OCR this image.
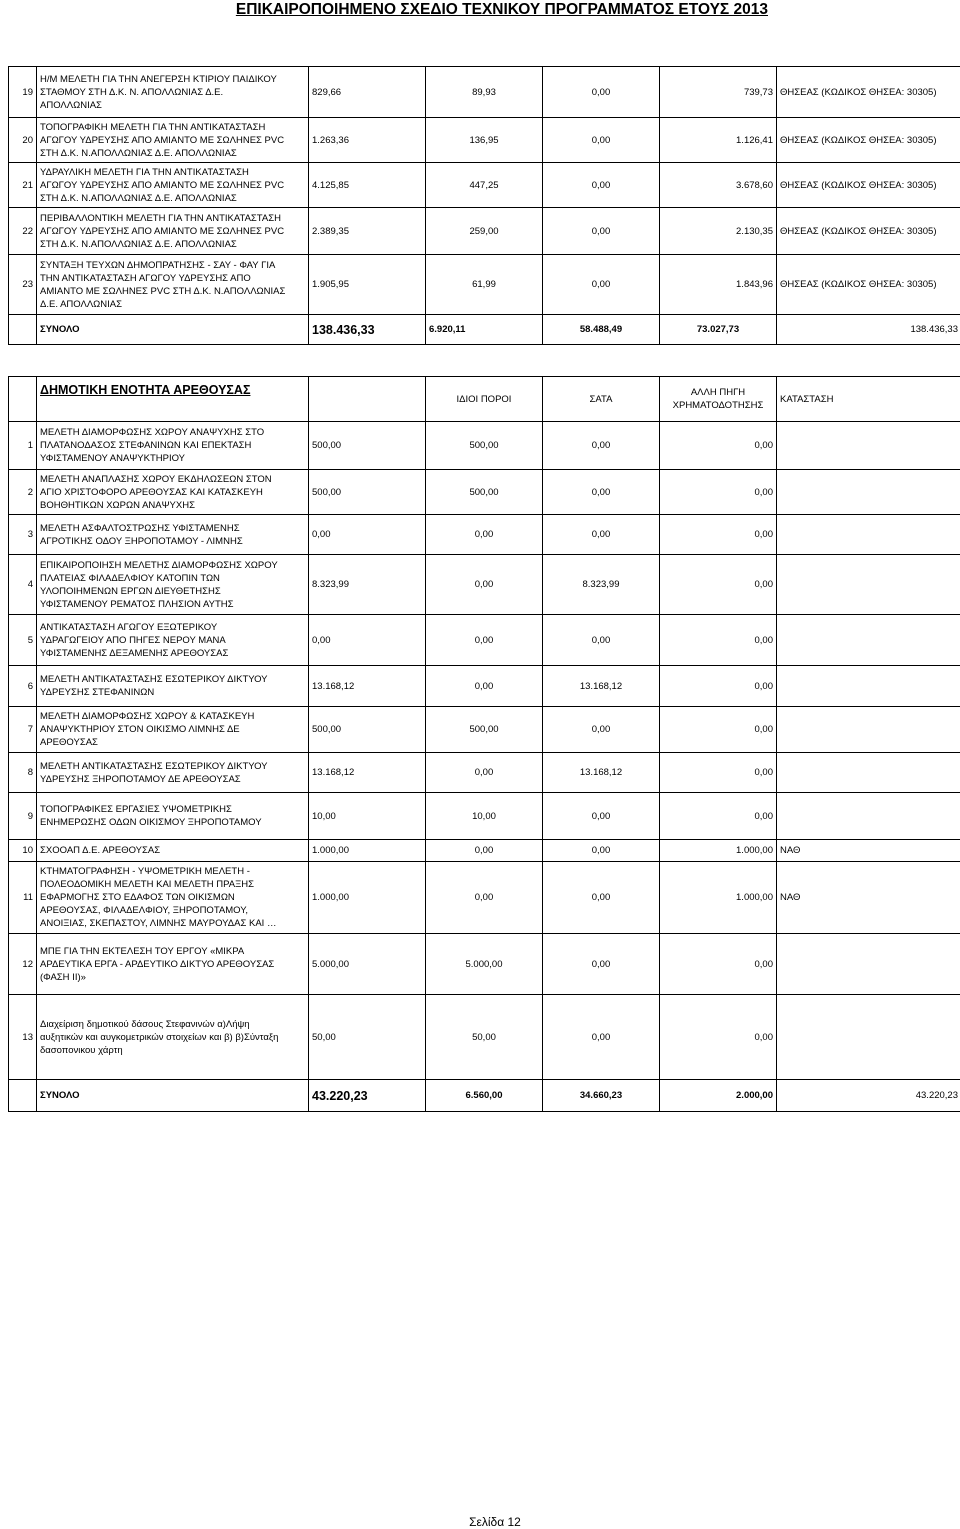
ΕΠΙΚΑΙΡΟΠΟΙΗΜΕΝΟ ΣΧΕΔΙΟ ΤΕΧΝΙΚΟΥ ΠΡΟΓΡΑΜΜΑΤΟΣ ΕΤΟΥΣ 2013
19	Η/Μ ΜΕΛΕΤΗ ΓΙΑ ΤΗΝ ΑΝΕΓΕΡΣΗ ΚΤΙΡΙΟΥ ΠΑΙΔΙΚΟΥ
ΣΤΑΘΜΟΥ ΣΤΗ Δ.Κ. Ν. ΑΠΟΛΛΩΝΙΑΣ Δ.Ε.
ΑΠΟΛΛΩΝΙΑΣ	829,66	89,93	0,00	739,73	ΘΗΣΕΑΣ (ΚΩΔΙΚΟΣ ΘΗΣΕΑ: 30305)
20	ΤΟΠΟΓΡΑΦΙΚΗ ΜΕΛΕΤΗ ΓΙΑ ΤΗΝ ΑΝΤΙΚΑΤΑΣΤΑΣΗ
ΑΓΩΓΟΥ ΥΔΡΕΥΣΗΣ ΑΠΟ ΑΜΙΑΝΤΟ ΜΕ ΣΩΛΗΝΕΣ PVC
ΣΤΗ Δ.Κ. Ν.ΑΠΟΛΛΩΝΙΑΣ Δ.Ε. ΑΠΟΛΛΩΝΙΑΣ	1.263,36	136,95	0,00	1.126,41	ΘΗΣΕΑΣ (ΚΩΔΙΚΟΣ ΘΗΣΕΑ: 30305)
21	ΥΔΡΑΥΛΙΚΗ ΜΕΛΕΤΗ ΓΙΑ ΤΗΝ ΑΝΤΙΚΑΤΑΣΤΑΣΗ
ΑΓΩΓΟΥ ΥΔΡΕΥΣΗΣ ΑΠΟ ΑΜΙΑΝΤΟ ΜΕ ΣΩΛΗΝΕΣ PVC
ΣΤΗ Δ.Κ. Ν.ΑΠΟΛΛΩΝΙΑΣ Δ.Ε. ΑΠΟΛΛΩΝΙΑΣ	4.125,85	447,25	0,00	3.678,60	ΘΗΣΕΑΣ (ΚΩΔΙΚΟΣ ΘΗΣΕΑ: 30305)
22	ΠΕΡΙΒΑΛΛΟΝΤΙΚΗ ΜΕΛΕΤΗ ΓΙΑ ΤΗΝ ΑΝΤΙΚΑΤΑΣΤΑΣΗ
ΑΓΩΓΟΥ ΥΔΡΕΥΣΗΣ ΑΠΟ ΑΜΙΑΝΤΟ ΜΕ ΣΩΛΗΝΕΣ PVC
ΣΤΗ Δ.Κ. Ν.ΑΠΟΛΛΩΝΙΑΣ Δ.Ε. ΑΠΟΛΛΩΝΙΑΣ	2.389,35	259,00	0,00	2.130,35	ΘΗΣΕΑΣ (ΚΩΔΙΚΟΣ ΘΗΣΕΑ: 30305)
23	ΣΥΝΤΑΞΗ ΤΕΥΧΩΝ ΔΗΜΟΠΡΑΤΗΣΗΣ - ΣΑΥ - ΦΑΥ ΓΙΑ
ΤΗΝ ΑΝΤΙΚΑΤΑΣΤΑΣΗ ΑΓΩΓΟΥ ΥΔΡΕΥΣΗΣ ΑΠΟ
ΑΜΙΑΝΤΟ ΜΕ ΣΩΛΗΝΕΣ PVC ΣΤΗ Δ.Κ. Ν.ΑΠΟΛΛΩΝΙΑΣ
Δ.Ε. ΑΠΟΛΛΩΝΙΑΣ	1.905,95	61,99	0,00	1.843,96	ΘΗΣΕΑΣ (ΚΩΔΙΚΟΣ ΘΗΣΕΑ: 30305)
	ΣΥΝΟΛΟ	138.436,33	6.920,11	58.488,49	73.027,73	138.436,33
	ΔΗΜΟΤΙΚΗ ΕΝΟΤΗΤΑ ΑΡΕΘΟΥΣΑΣ		ΙΔΙΟΙ ΠΟΡΟΙ	ΣΑΤΑ	ΑΛΛΗ ΠΗΓΗ
ΧΡΗΜΑΤΟΔΟΤΗΣΗΣ	ΚΑΤΑΣΤΑΣΗ
1	ΜΕΛΕΤΗ ΔΙΑΜΟΡΦΩΣΗΣ ΧΩΡΟΥ ΑΝΑΨΥΧΗΣ ΣΤΟ
ΠΛΑΤΑΝΟΔΑΣΟΣ ΣΤΕΦΑΝΙΝΩΝ ΚΑΙ ΕΠΕΚΤΑΣΗ
ΥΦΙΣΤΑΜΕΝΟΥ ΑΝΑΨΥΚΤΗΡΙΟΥ	500,00	500,00	0,00	0,00	
2	ΜΕΛΕΤΗ ΑΝΑΠΛΑΣΗΣ ΧΩΡΟΥ ΕΚΔΗΛΩΣΕΩΝ ΣΤΟΝ
ΑΓΙΟ ΧΡΙΣΤΟΦΟΡΟ ΑΡΕΘΟΥΣΑΣ ΚΑΙ ΚΑΤΑΣΚΕΥΗ
ΒΟΗΘΗΤΙΚΩΝ ΧΩΡΩΝ ΑΝΑΨΥΧΗΣ	500,00	500,00	0,00	0,00	
3	ΜΕΛΕΤΗ ΑΣΦΑΛΤΟΣΤΡΩΣΗΣ ΥΦΙΣΤΑΜΕΝΗΣ
ΑΓΡΟΤΙΚΗΣ ΟΔΟΥ ΞΗΡΟΠΟΤΑΜΟΥ - ΛΙΜΝΗΣ	0,00	0,00	0,00	0,00	
4	ΕΠΙΚΑΙΡΟΠΟΙΗΣΗ ΜΕΛΕΤΗΣ ΔΙΑΜΟΡΦΩΣΗΣ ΧΩΡΟΥ
ΠΛΑΤΕΙΑΣ ΦΙΛΑΔΕΛΦΙΟΥ ΚΑΤΟΠΙΝ ΤΩΝ
ΥΛΟΠΟΙΗΜΕΝΩΝ ΕΡΓΩΝ ΔΙΕΥΘΕΤΗΣΗΣ
ΥΦΙΣΤΑΜΕΝΟΥ ΡΕΜΑΤΟΣ ΠΛΗΣΙΟΝ ΑΥΤΗΣ	8.323,99	0,00	8.323,99	0,00	
5	ΑΝΤΙΚΑΤΑΣΤΑΣΗ ΑΓΩΓΟΥ ΕΞΩΤΕΡΙΚΟΥ
ΥΔΡΑΓΩΓΕΙΟΥ ΑΠΟ ΠΗΓΕΣ ΝΕΡΟΥ ΜΑΝΑ
ΥΦΙΣΤΑΜΕΝΗΣ ΔΕΞΑΜΕΝΗΣ ΑΡΕΘΟΥΣΑΣ	0,00	0,00	0,00	0,00	
6	ΜΕΛΕΤΗ ΑΝΤΙΚΑΤΑΣΤΑΣΗΣ ΕΣΩΤΕΡΙΚΟΥ ΔΙΚΤΥΟΥ
ΥΔΡΕΥΣΗΣ ΣΤΕΦΑΝΙΝΩΝ	13.168,12	0,00	13.168,12	0,00	
7	ΜΕΛΕΤΗ ΔΙΑΜΟΡΦΩΣΗΣ ΧΩΡΟΥ & ΚΑΤΑΣΚΕΥΗ
ΑΝΑΨΥΚΤΗΡΙΟΥ ΣΤΟΝ ΟΙΚΙΣΜΟ ΛΙΜΝΗΣ ΔΕ
ΑΡΕΘΟΥΣΑΣ	500,00	500,00	0,00	0,00	
8	ΜΕΛΕΤΗ ΑΝΤΙΚΑΤΑΣΤΑΣΗΣ ΕΣΩΤΕΡΙΚΟΥ ΔΙΚΤΥΟΥ
ΥΔΡΕΥΣΗΣ ΞΗΡΟΠΟΤΑΜΟΥ ΔΕ ΑΡΕΘΟΥΣΑΣ	13.168,12	0,00	13.168,12	0,00	
9	ΤΟΠΟΓΡΑΦΙΚΕΣ ΕΡΓΑΣΙΕΣ ΥΨΟΜΕΤΡΙΚΗΣ
ΕΝΗΜΕΡΩΣΗΣ ΟΔΩΝ ΟΙΚΙΣΜΟΥ ΞΗΡΟΠΟΤΑΜΟΥ	10,00	10,00	0,00	0,00	
10	ΣΧΟΟΑΠ Δ.Ε. ΑΡΕΘΟΥΣΑΣ	1.000,00	0,00	0,00	1.000,00	ΝΑΘ
11	ΚΤΗΜΑΤΟΓΡΑΦΗΣΗ - ΥΨΟΜΕΤΡΙΚΗ ΜΕΛΕΤΗ -
ΠΟΛΕΟΔΟΜΙΚΗ ΜΕΛΕΤΗ ΚΑΙ ΜΕΛΕΤΗ ΠΡΑΞΗΣ
ΕΦΑΡΜΟΓΗΣ ΣΤΟ ΕΔΑΦΟΣ ΤΩΝ ΟΙΚΙΣΜΩΝ
ΑΡΕΘΟΥΣΑΣ, ΦΙΛΑΔΕΛΦΙΟΥ, ΞΗΡΟΠΟΤΑΜΟΥ,
ΑΝΟΙΞΙΑΣ, ΣΚΕΠΑΣΤΟΥ, ΛΙΜΝΗΣ ΜΑΥΡΟΥΔΑΣ ΚΑΙ …	1.000,00	0,00	0,00	1.000,00	ΝΑΘ
12	ΜΠΕ ΓΙΑ ΤΗΝ ΕΚΤΕΛΕΣΗ ΤΟΥ ΕΡΓΟΥ «ΜΙΚΡΑ
ΑΡΔΕΥΤΙΚΑ ΕΡΓΑ - ΑΡΔΕΥΤΙΚΟ ΔΙΚΤΥΟ ΑΡΕΘΟΥΣΑΣ
(ΦΑΣΗ ΙΙ)»	5.000,00	5.000,00	0,00	0,00	
13	Διαχείριση δημοτικού δάσους Στεφανινών α)Λήψη
αυξητικών και αυγκομετρικών στοιχείων και β) β)Σύνταξη
δασοπονικου χάρτη	50,00	50,00	0,00	0,00	
	ΣΥΝΟΛΟ	43.220,23	6.560,00	34.660,23	2.000,00	43.220,23
Σελίδα 12
